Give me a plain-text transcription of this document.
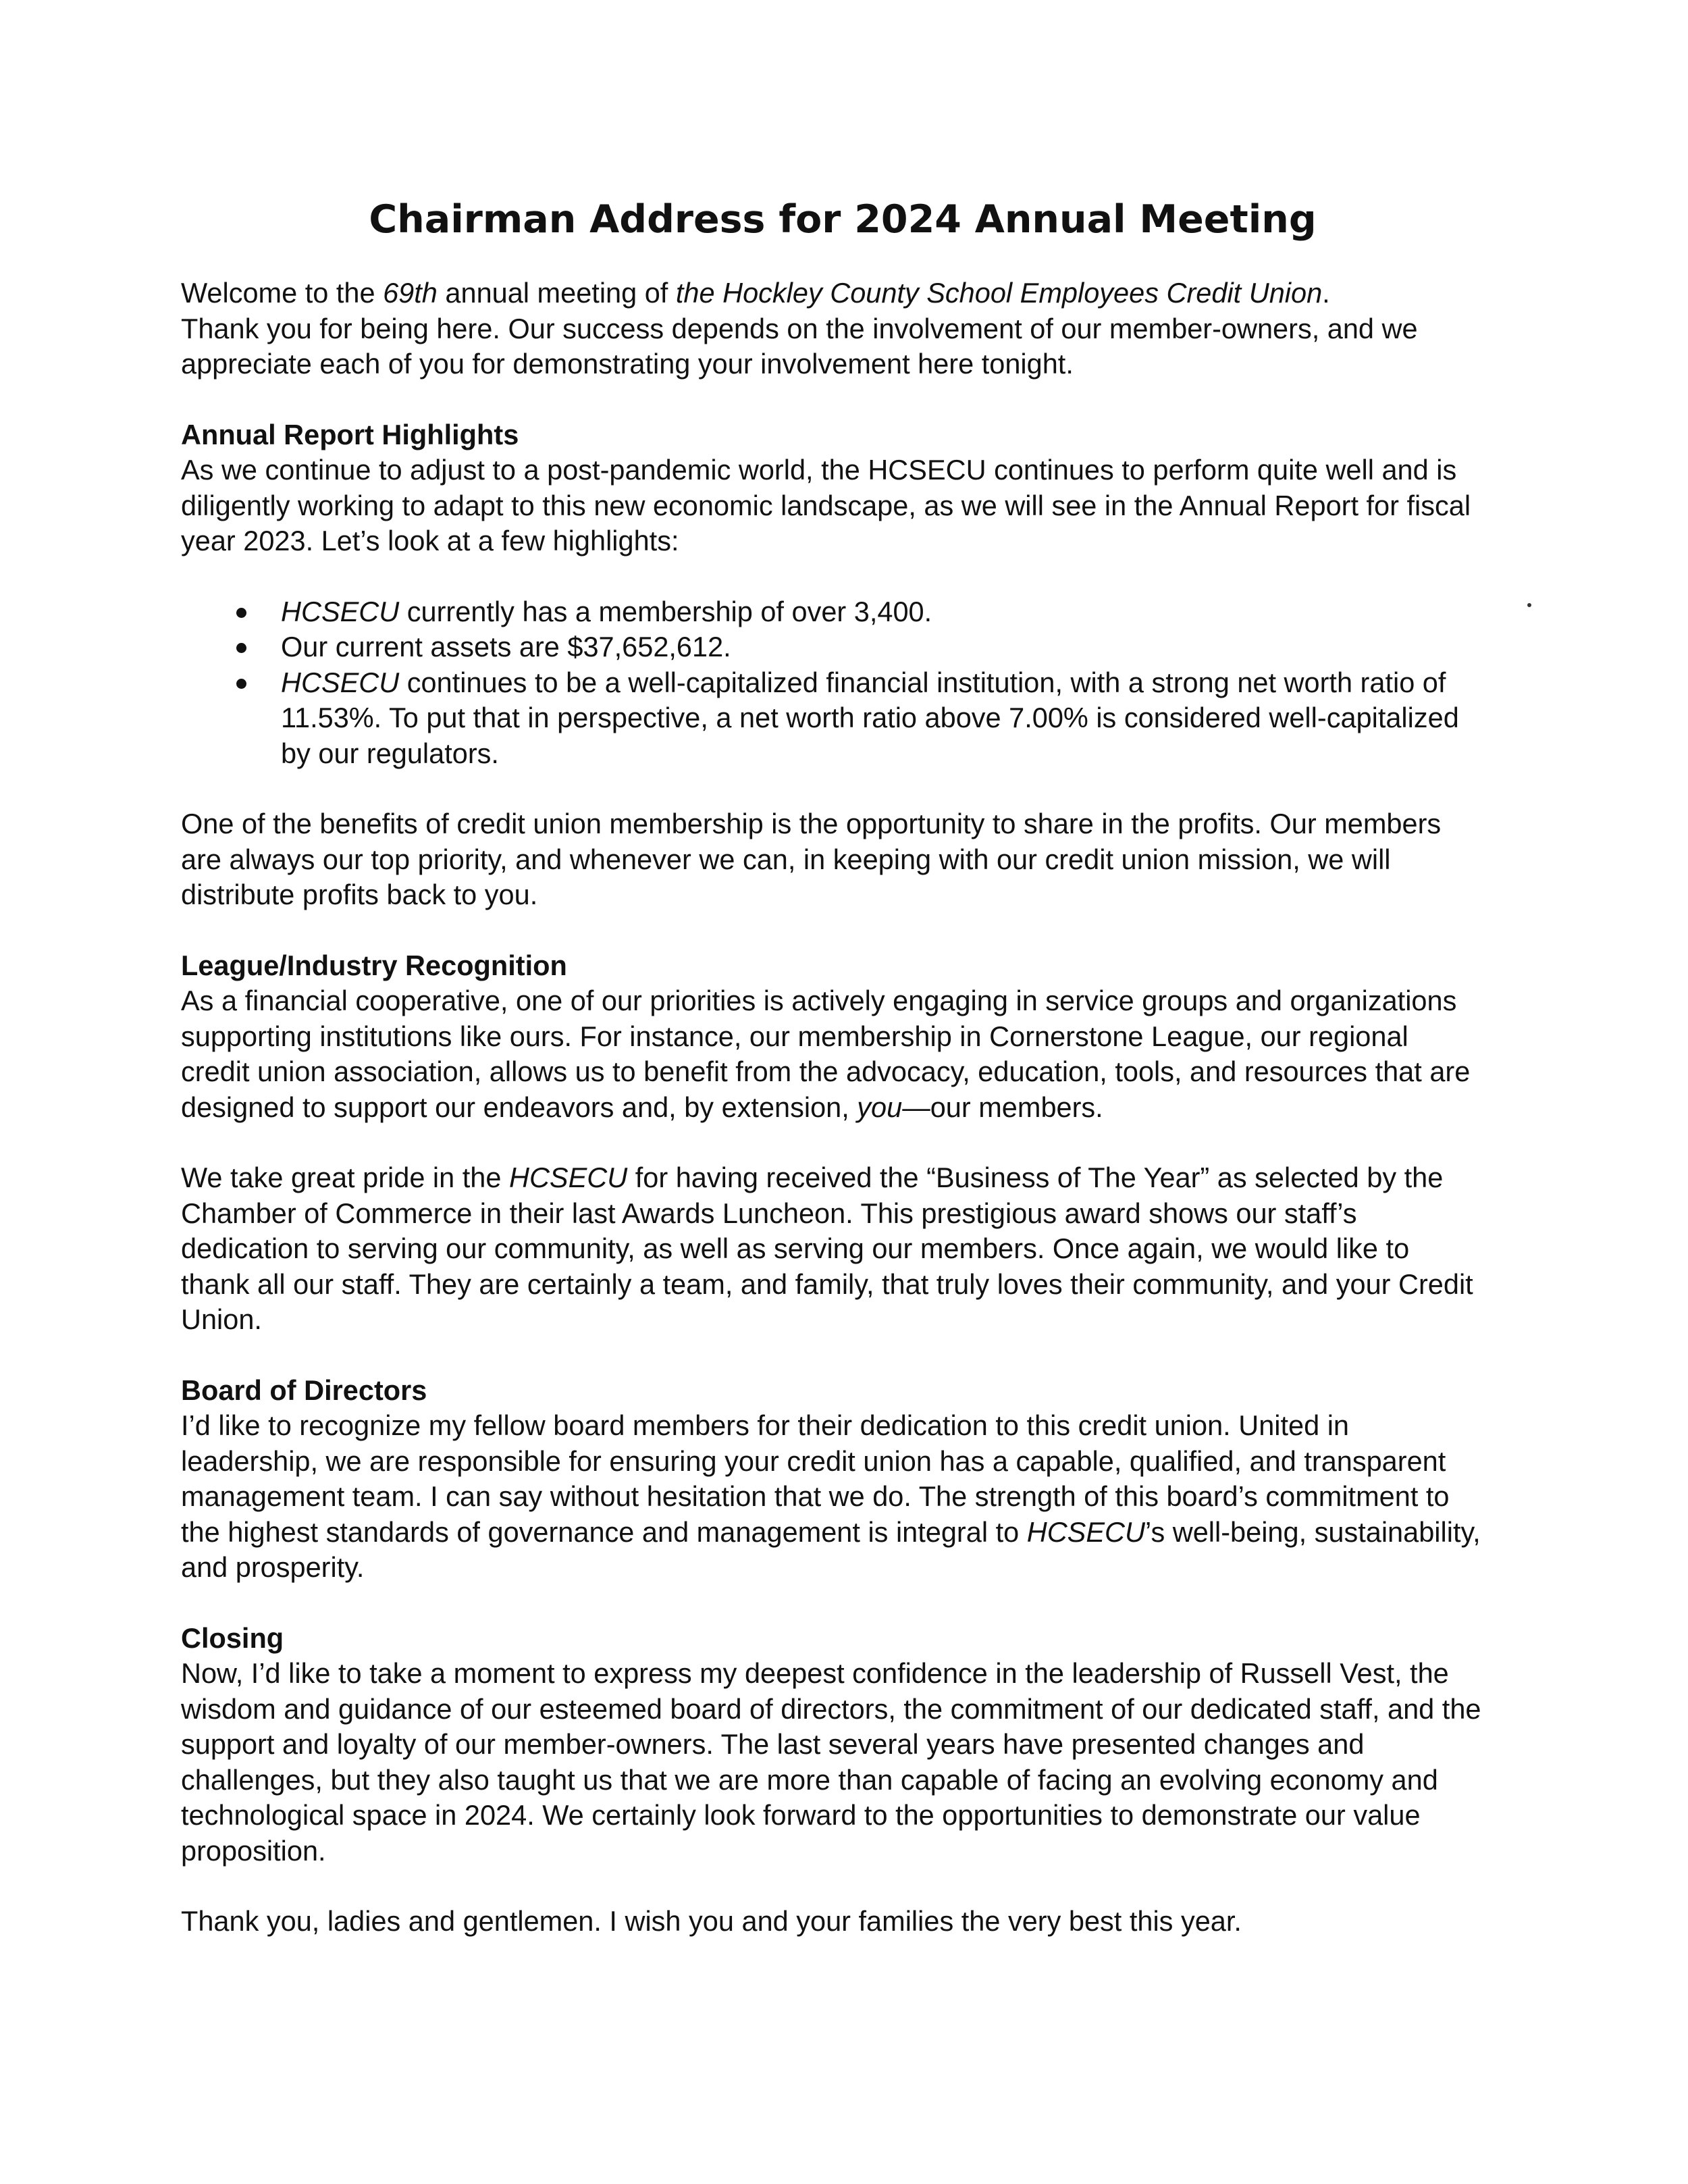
Chairman Address for 2024 Annual Meeting

Welcome to the 69th annual meeting of the Hockley County School Employees Credit Union.
Thank you for being here. Our success depends on the involvement of our member-owners, and we appreciate each of you for demonstrating your involvement here tonight.

Annual Report Highlights

As we continue to adjust to a post-pandemic world, the HCSECU continues to perform quite well and is diligently working to adapt to this new economic landscape, as we will see in the Annual Report for fiscal year 2023. Let’s look at a few highlights:

HCSECU currently has a membership of over 3,400.
Our current assets are $37,652,612.
HCSECU continues to be a well-capitalized financial institution, with a strong net worth ratio of 11.53%. To put that in perspective, a net worth ratio above 7.00% is considered well-capitalized by our regulators.

One of the benefits of credit union membership is the opportunity to share in the profits. Our members are always our top priority, and whenever we can, in keeping with our credit union mission, we will distribute profits back to you.

League/Industry Recognition

As a financial cooperative, one of our priorities is actively engaging in service groups and organizations supporting institutions like ours. For instance, our membership in Cornerstone League, our regional credit union association, allows us to benefit from the advocacy, education, tools, and resources that are designed to support our endeavors and, by extension, you—our members.

We take great pride in the HCSECU for having received the “Business of The Year” as selected by the Chamber of Commerce in their last Awards Luncheon. This prestigious award shows our staff’s dedication to serving our community, as well as serving our members. Once again, we would like to thank all our staff. They are certainly a team, and family, that truly loves their community, and your Credit Union.

Board of Directors

I’d like to recognize my fellow board members for their dedication to this credit union. United in leadership, we are responsible for ensuring your credit union has a capable, qualified, and transparent management team. I can say without hesitation that we do. The strength of this board’s commitment to the highest standards of governance and management is integral to HCSECU’s well-being, sustainability, and prosperity.

Closing

Now, I’d like to take a moment to express my deepest confidence in the leadership of Russell Vest, the wisdom and guidance of our esteemed board of directors, the commitment of our dedicated staff, and the support and loyalty of our member-owners. The last several years have presented changes and challenges, but they also taught us that we are more than capable of facing an evolving economy and technological space in 2024. We certainly look forward to the opportunities to demonstrate our value proposition.

Thank you, ladies and gentlemen. I wish you and your families the very best this year.
